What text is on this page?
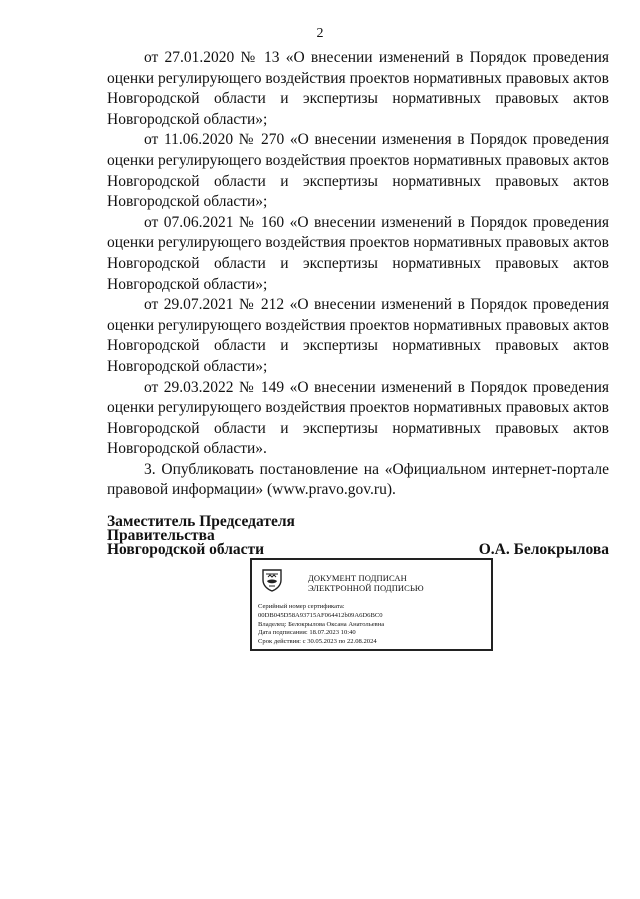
2

от 27.01.2020 № 13 «О внесении изменений в Порядок проведения оценки регулирующего воздействия проектов нормативных правовых актов Новгородской области и экспертизы нормативных правовых актов Новгородской области»;

от 11.06.2020 № 270 «О внесении изменения в Порядок проведения оценки регулирующего воздействия проектов нормативных правовых актов Новгородской области и экспертизы нормативных правовых актов Новгородской области»;

от 07.06.2021 № 160 «О внесении изменений в Порядок проведения оценки регулирующего воздействия проектов нормативных правовых актов Новгородской области и экспертизы нормативных правовых актов Новгородской области»;

от 29.07.2021 № 212 «О внесении изменений в Порядок проведения оценки регулирующего воздействия проектов нормативных правовых актов Новгородской области и экспертизы нормативных правовых актов Новгородской области»;

от 29.03.2022 № 149 «О внесении изменений в Порядок проведения оценки регулирующего воздействия проектов нормативных правовых актов Новгородской области и экспертизы нормативных правовых актов Новгородской области».

3. Опубликовать постановление на «Официальном интернет-портале правовой информации» (www.pravo.gov.ru).

Заместитель Председателя
Правительства
Новгородской области	О.А. Белокрылова
ДОКУМЕНТ ПОДПИСАН
ЭЛЕКТРОННОЙ ПОДПИСЬЮ
Серийный номер сертификата:
00DB045D58A93715AF064412b09A6D6BC0
Владелец: Белокрылова Оксана Анатольевна
Дата подписания: 18.07.2023 10:40
Срок действия: с 30.05.2023 по 22.08.2024
